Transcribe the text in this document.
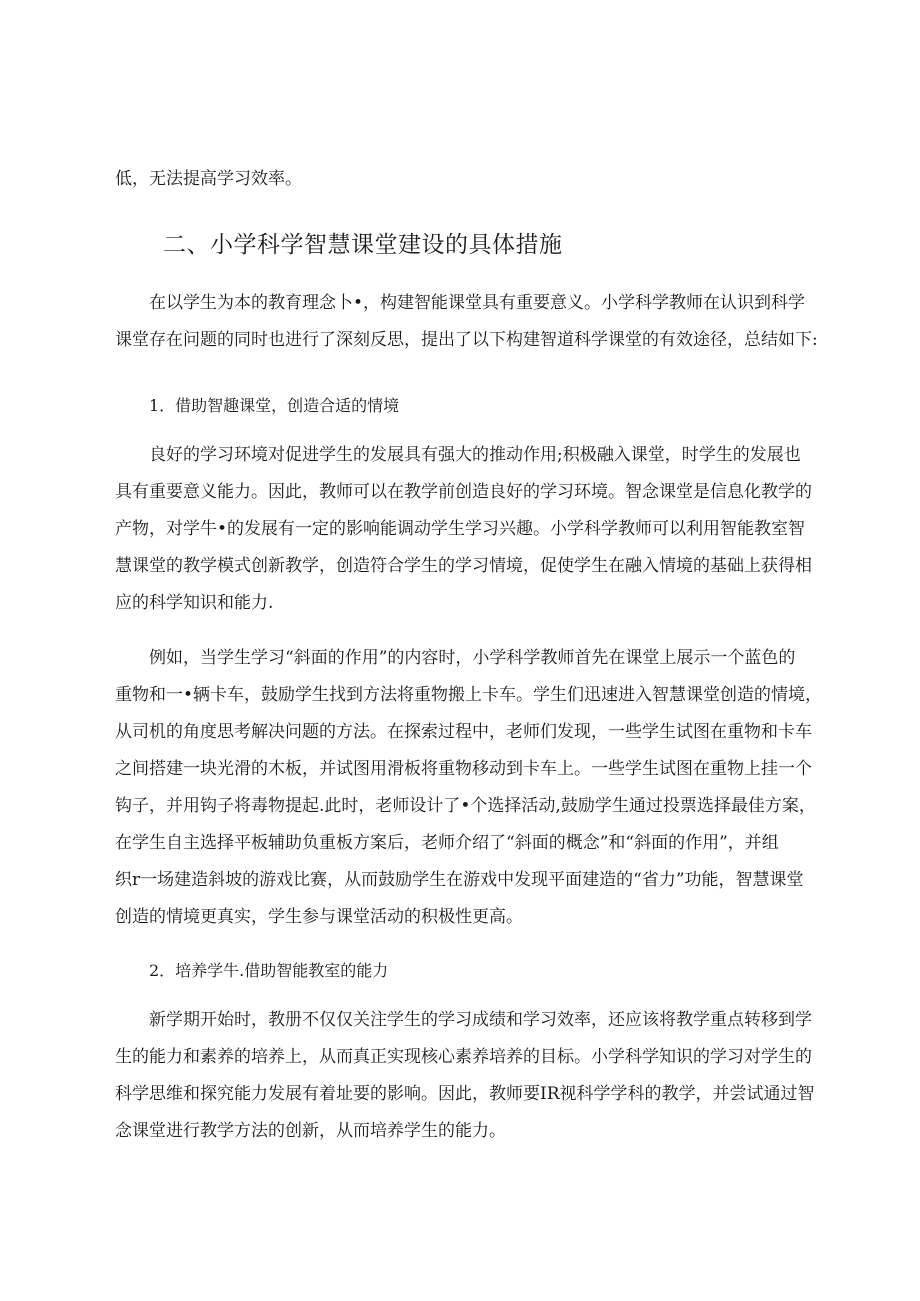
低，无法提高学习效率。
二、小学科学智慧课堂建设的具体措施
在以学生为本的教育理念卜•，构建智能课堂具有重要意义。小学科学教师在认识到科学
课堂存在问题的同时也进行了深刻反思，提出了以下构建智道科学课堂的有效途径，总结如下:
1．借助智趣课堂，创造合适的情境
良好的学习环境对促进学生的发展具有强大的推动作用;积极融入课堂，时学生的发展也
具有重要意义能力。因此，教师可以在教学前创造良好的学习环境。智念课堂是信息化教学的
产物，对学牛•的发展有一定的影响能调动学生学习兴趣。小学科学教师可以利用智能教室智
慧课堂的教学模式创新教学，创造符合学生的学习情境，促使学生在融入情境的基础上获得相
应的科学知识和能力.
例如，当学生学习“斜面的作用”的内容时，小学科学教师首先在课堂上展示一个蓝色的
重物和一•辆卡车，鼓励学生找到方法将重物搬上卡车。学生们迅速进入智慧课堂创造的情境，
从司机的角度思考解决问题的方法。在探索过程中，老师们发现，一些学生试图在重物和卡车
之间搭建一块光滑的木板，并试图用滑板将重物移动到卡车上。一些学生试图在重物上挂一个
钩子，并用钩子将毒物提起.此时，老师设计了•个选择活动,鼓励学生通过投票选择最佳方案，
在学生自主选择平板辅助负重板方案后，老师介绍了“斜面的概念”和“斜面的作用”，并组
织r一场建造斜坡的游戏比赛，从而鼓励学生在游戏中发现平面建造的“省力”功能，智慧课堂
创造的情境更真实，学生参与课堂活动的积极性更高。
2．培养学牛.借助智能教室的能力
新学期开始时，教册不仅仅关注学生的学习成绩和学习效率，还应该将教学重点转移到学
生的能力和素养的培养上，从而真正实现核心素养培养的目标。小学科学知识的学习对学生的
科学思维和探究能力发展有着址要的影响。因此，教师要IR视科学学科的教学，并尝试通过智
念课堂进行教学方法的创新，从而培养学生的能力。
